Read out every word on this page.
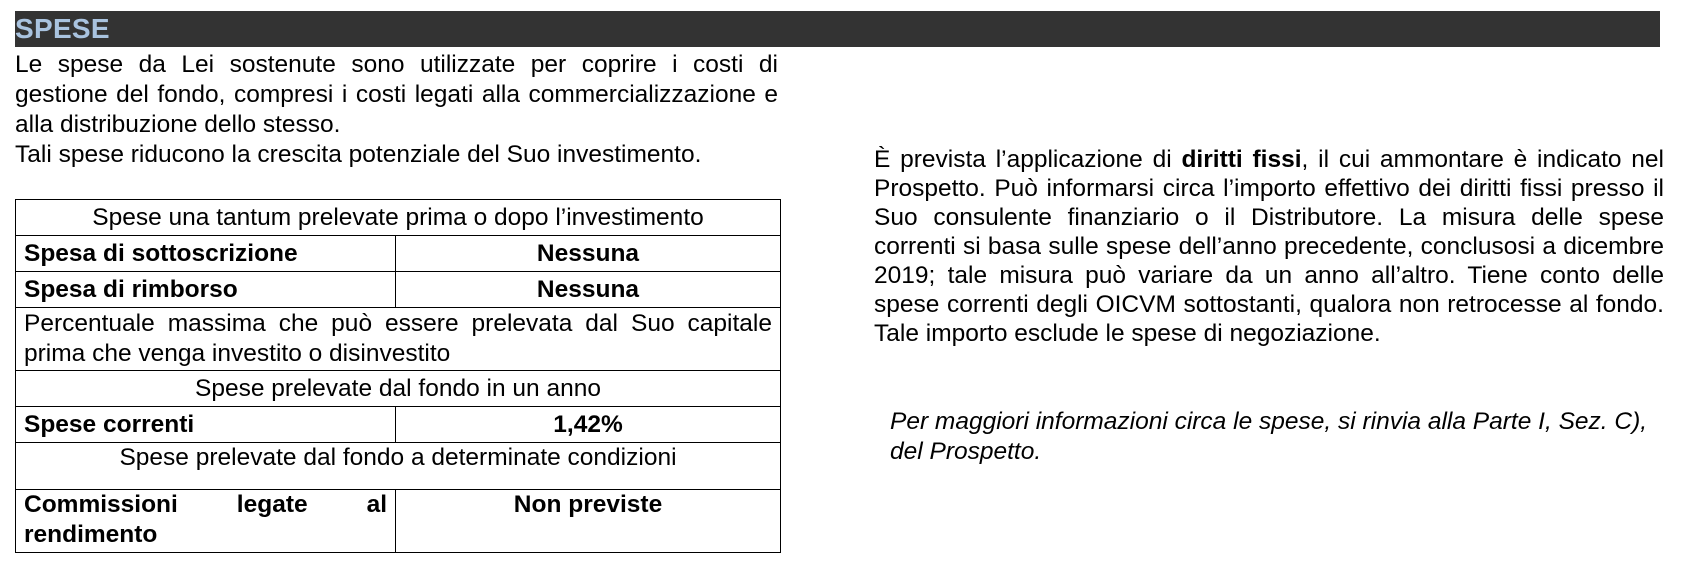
SPESE

Le spese da Lei sostenute sono utilizzate per coprire i costi di gestione del fondo, compresi i costi legati alla commercializzazione e alla distribuzione dello stesso.

Tali spese riducono la crescita potenziale del Suo investimento.

Spese una tantum prelevate prima o dopo l’investimento	
Spesa di sottoscrizione	Nessuna
Spesa di rimborso	Nessuna
Percentuale massima che può essere prelevata dal Suo capitale prima che venga investito o disinvestito	
Spese prelevate dal fondo in un anno	
Spese correnti	1,42%
Spese prelevate dal fondo a determinate condizioni	
Commissioni legate al rendimento	Non previste

È prevista l’applicazione di diritti fissi, il cui ammontare è indicato nel Prospetto. Può informarsi circa l’importo effettivo dei diritti fissi presso il Suo consulente finanziario o il Distributore. La misura delle spese correnti si basa sulle spese dell’anno precedente, conclusosi a dicembre 2019; tale misura può variare da un anno all’altro. Tiene conto delle spese correnti degli OICVM sottostanti, qualora non retrocesse al fondo. Tale importo esclude le spese di negoziazione.

Per maggiori informazioni circa le spese, si rinvia alla Parte I, Sez. C), del Prospetto.
